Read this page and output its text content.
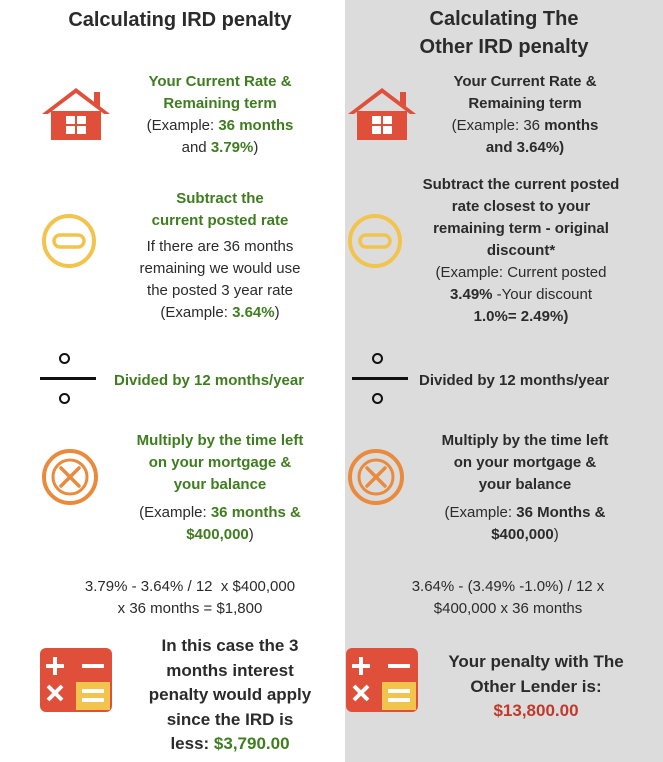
Calculating IRD penalty
Your Current Rate &
Remaining term
(Example: 36 months
and 3.79%)
Subtract the
current posted rate
If there are 36 months
remaining we would use
the posted 3 year rate
(Example: 3.64%)
Divided by 12 months/year
Multiply by the time left
on your mortgage &
your balance
(Example: 36 months &
$400,000)
3.79% - 3.64% / 12  x $400,000
x 36 months = $1,800
In this case the 3
months interest
penalty would apply
since the IRD is
less: $3,790.00
Calculating The
Other IRD penalty
Your Current Rate &
Remaining term
(Example: 36 months
and 3.64%)
Subtract the current posted
rate closest to your
remaining term - original
discount*
(Example: Current posted
3.49% -Your discount
1.0%= 2.49%)
Divided by 12 months/year
Multiply by the time left
on your mortgage &
your balance
(Example: 36 Months &
$400,000)
3.64% - (3.49% -1.0%) / 12 x
$400,000 x 36 months
Your penalty with The
Other Lender is:
$13,800.00
